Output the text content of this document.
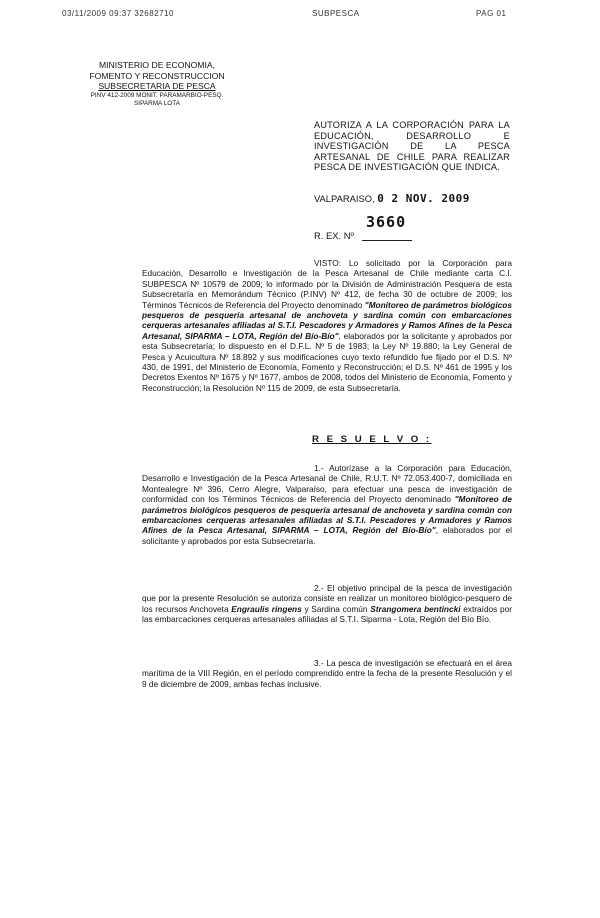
03/11/2009 09:37 32682710	SUBPESCA	PAG 01
MINISTERIO DE ECONOMIA,
FOMENTO Y RECONSTRUCCION
SUBSECRETARIA DE PESCA
PINV 412-2009 MONIT. PARAMARBIO-PESQ.
SIPARMA LOTA
AUTORIZA A LA CORPORACIÓN PARA LA EDUCACIÓN, DESARROLLO E INVESTIGACIÓN DE LA PESCA ARTESANAL DE CHILE PARA REALIZAR PESCA DE INVESTIGACIÓN QUE INDICA.
VALPARAISO, 0 2 NOV. 2009
3660
R. EX. Nº
VISTO: Lo solicitado por la Corporación para Educación, Desarrollo e Investigación de la Pesca Artesanal de Chile mediante carta C.I. SUBPESCA Nº 10579 de 2009; lo informado por la División de Administración Pesquera de esta Subsecretaría en Memorándum Técnico (P.INV) Nº 412, de fecha 30 de octubre de 2009; los Términos Técnicos de Referencia del Proyecto denominado "Monitoreo de parámetros biológicos pesqueros de pesquería artesanal de anchoveta y sardina común con embarcaciones cerqueras artesanales afiliadas al S.T.I. Pescadores y Armadores y Ramos Afines de la Pesca Artesanal, SIPARMA – LOTA, Región del Bío-Bío", elaborados por la solicitante y aprobados por esta Subsecretaría; lo dispuesto en el D.F.L. Nº 5 de 1983; la Ley Nº 19.880; la Ley General de Pesca y Acuicultura Nº 18.892 y sus modificaciones cuyo texto refundido fue fijado por el D.S. Nº 430, de 1991, del Ministerio de Economía, Fomento y Reconstrucción; el D.S. Nº 461 de 1995 y los Decretos Exentos Nº 1675 y Nº 1677, ambos de 2008, todos del Ministerio de Economía, Fomento y Reconstrucción; la Resolución Nº 115 de 2009, de esta Subsecretaría.
R E S U E L V O :
1.- Autorízase a la Corporación para Educación, Desarrollo e Investigación de la Pesca Artesanal de Chile, R.U.T. Nº 72.053.400-7, domiciliada en Montealegre Nº 396, Cerro Alegre, Valparaíso, para efectuar una pesca de investigación de conformidad con los Términos Técnicos de Referencia del Proyecto denominado "Monitoreo de parámetros biológicos pesqueros de pesquería artesanal de anchoveta y sardina común con embarcaciones cerqueras artesanales afiliadas al S.T.I. Pescadores y Armadores y Ramos Afines de la Pesca Artesanal, SIPARMA – LOTA, Región del Bío-Bío", elaborados por el solicitante y aprobados por esta Subsecretaría.
2.- El objetivo principal de la pesca de investigación que por la presente Resolución se autoriza consiste en realizar un monitoreo biológico-pesquero de los recursos Anchoveta Engraulis ringens y Sardina común Strangomera bentincki extraídos por las embarcaciones cerqueras artesanales afiliadas al S.T.I. Siparma - Lota, Región del Bío Bío.
3.- La pesca de investigación se efectuará en el área marítima de la VIII Región, en el período comprendido entre la fecha de la presente Resolución y el 9 de diciembre de 2009, ambas fechas inclusive.
